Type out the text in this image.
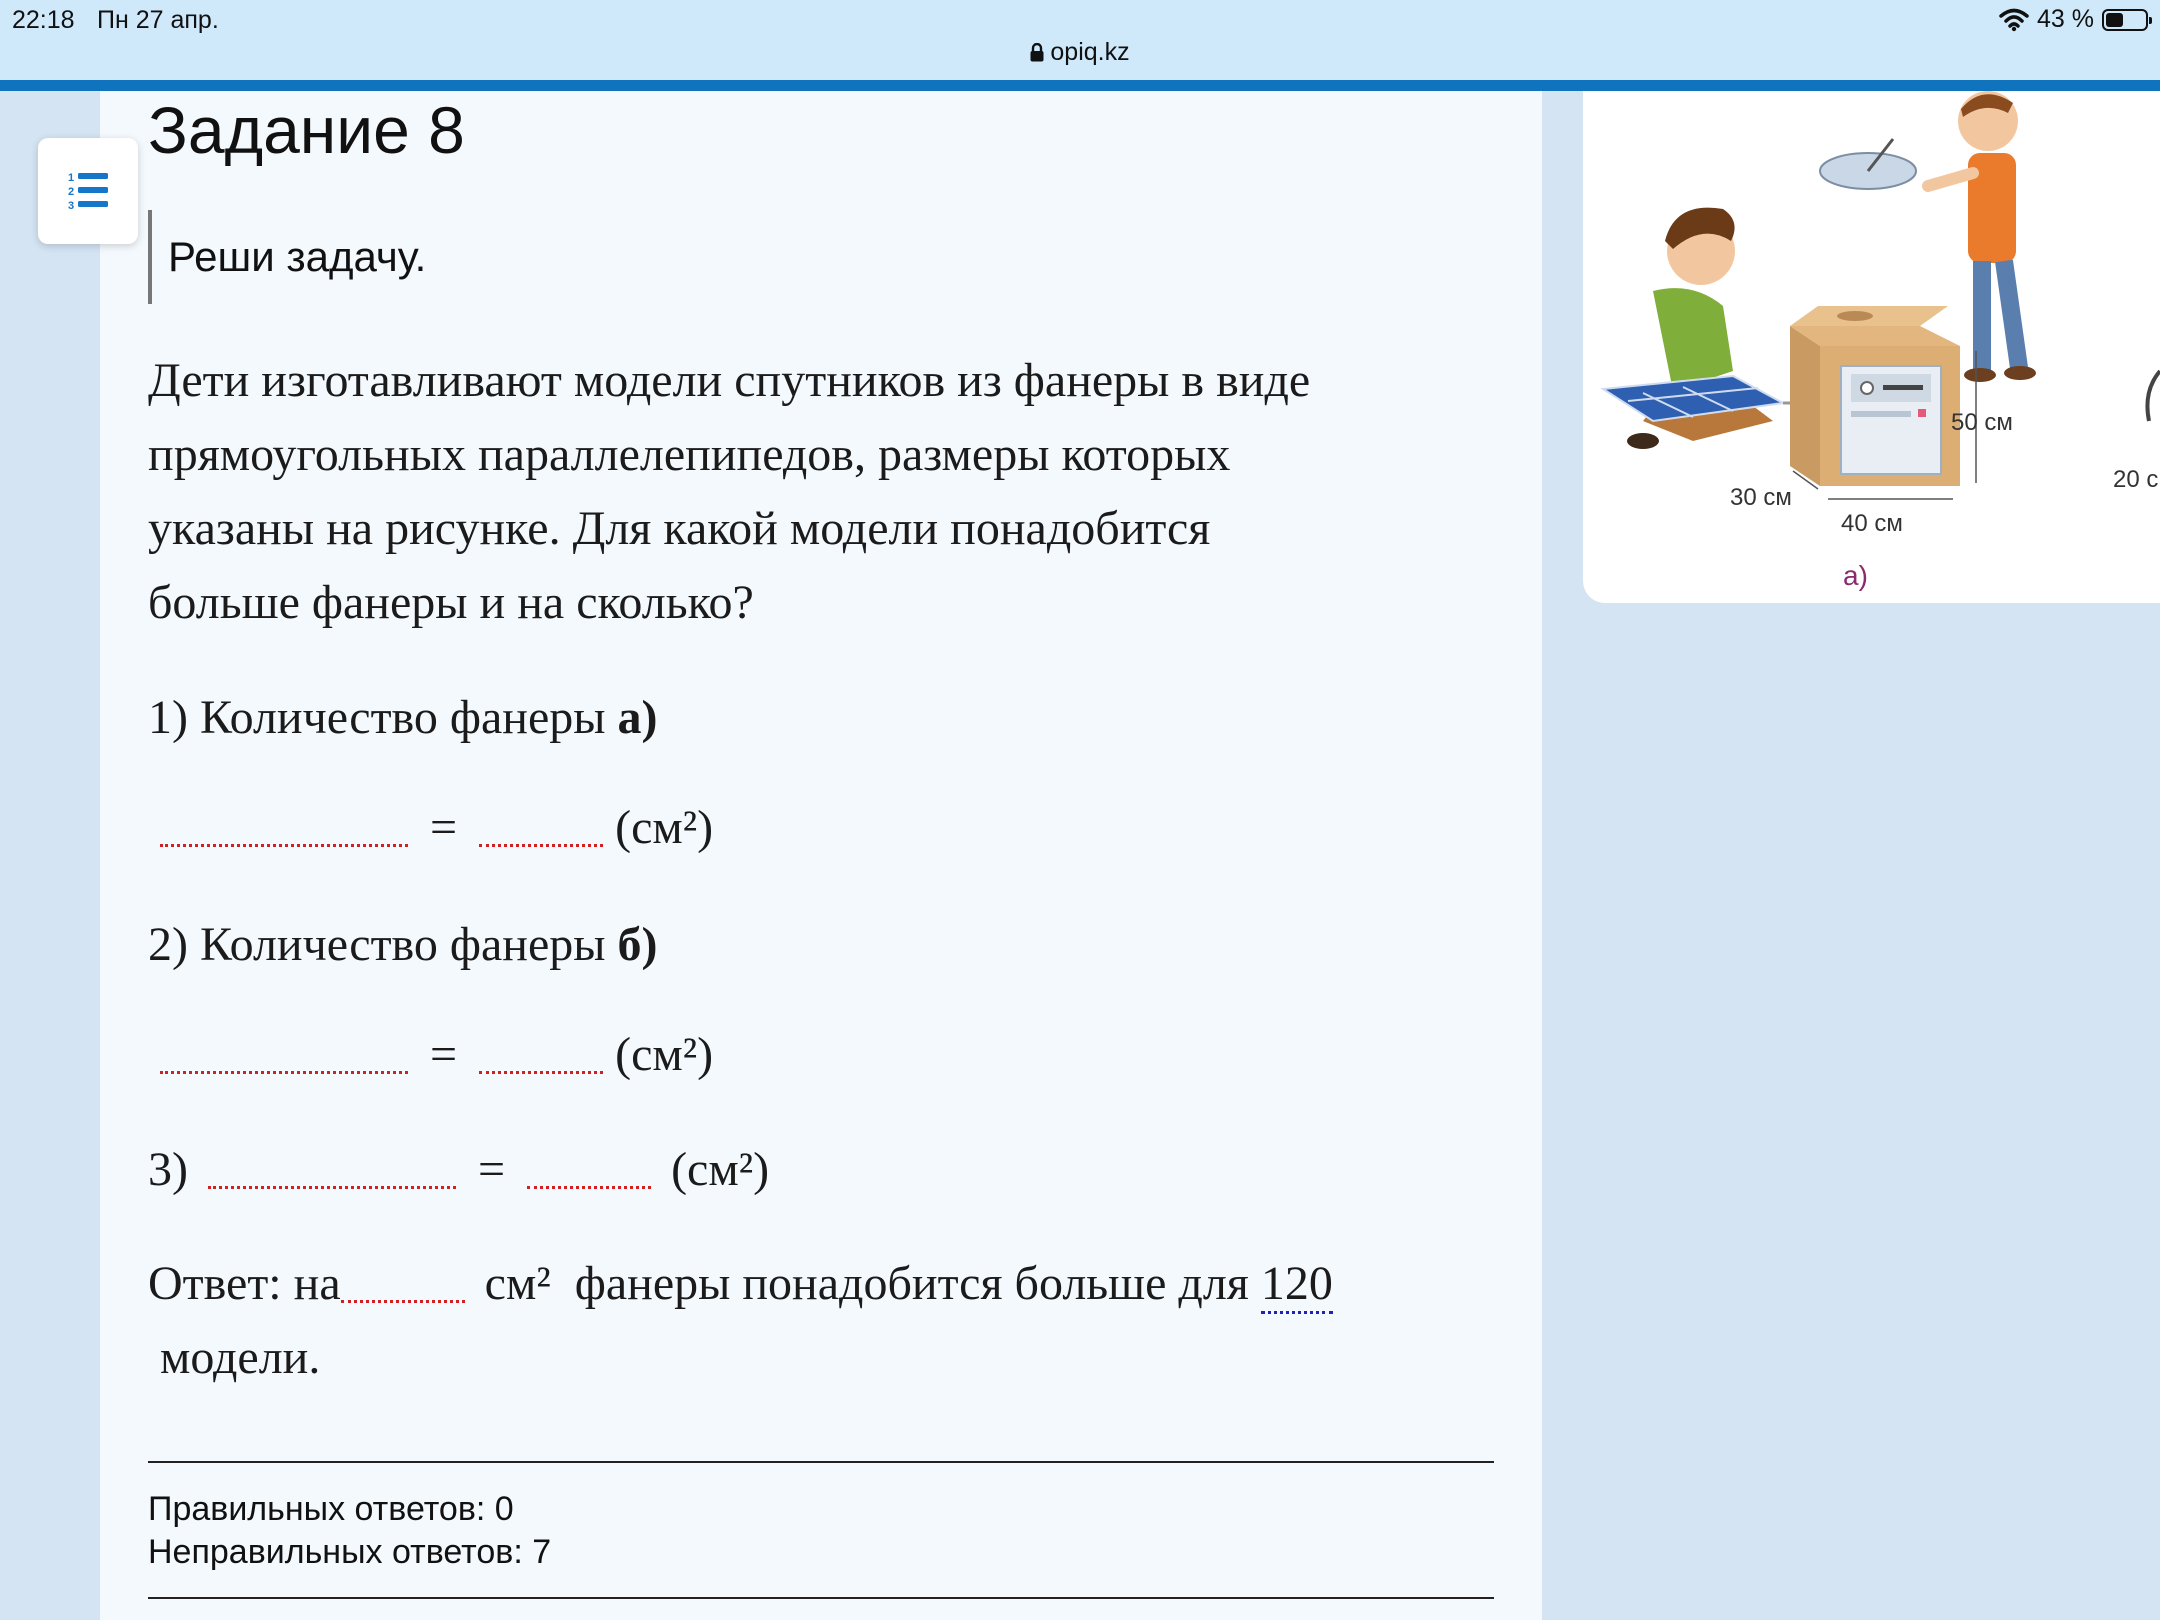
22:18 Пн 27 апр.	43 %
opiq.kz
1
2
3
Задание 8
Реши задачу.
Дети изготавливают модели спутников из фанеры в виде
прямоугольных параллелепипедов, размеры которых
указаны на рисунке. Для какой модели понадобится
больше фанеры и на сколько?
1) Количество фанеры а)
=	(см²)
2) Количество фанеры б)
=	(см²)
3)	=	(см²)
Ответ: на	см² фанеры понадобится больше для 120
модели.
Правильных ответов: 0
Неправильных ответов: 7
50 см
30 см
40 см
20 с
а)
